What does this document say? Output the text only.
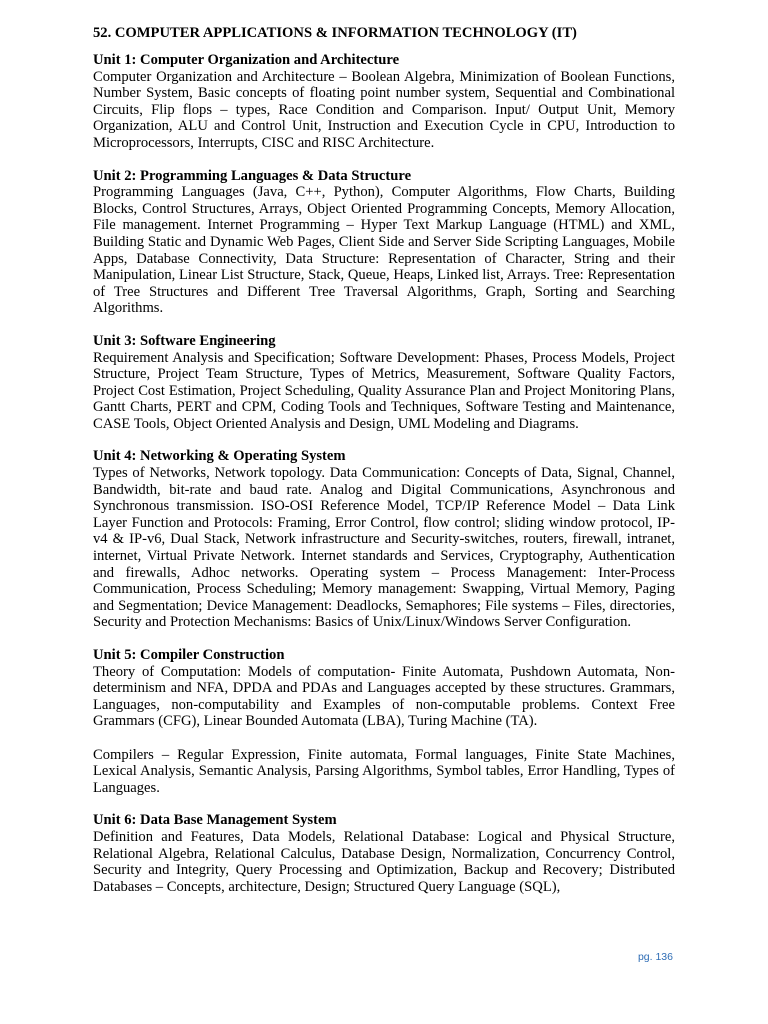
52. COMPUTER APPLICATIONS & INFORMATION TECHNOLOGY (IT)
Unit 1: Computer Organization and Architecture
Computer Organization and Architecture – Boolean Algebra, Minimization of Boolean Functions, Number System, Basic concepts of floating point number system, Sequential and Combinational Circuits, Flip flops – types, Race Condition and Comparison. Input/ Output Unit, Memory Organization, ALU and Control Unit, Instruction and Execution Cycle in CPU, Introduction to Microprocessors, Interrupts, CISC and RISC Architecture.
Unit 2: Programming Languages & Data Structure
Programming Languages (Java, C++, Python), Computer Algorithms, Flow Charts, Building Blocks, Control Structures, Arrays, Object Oriented Programming Concepts, Memory Allocation, File management. Internet Programming – Hyper Text Markup Language (HTML) and XML, Building Static and Dynamic Web Pages, Client Side and Server Side Scripting Languages, Mobile Apps, Database Connectivity, Data Structure: Representation of Character, String and their Manipulation, Linear List Structure, Stack, Queue, Heaps, Linked list, Arrays. Tree: Representation of Tree Structures and Different Tree Traversal Algorithms, Graph, Sorting and Searching Algorithms.
Unit 3: Software Engineering
Requirement Analysis and Specification; Software Development: Phases, Process Models, Project Structure, Project Team Structure, Types of Metrics, Measurement, Software Quality Factors, Project Cost Estimation, Project Scheduling, Quality Assurance Plan and Project Monitoring Plans, Gantt Charts, PERT and CPM, Coding Tools and Techniques, Software Testing and Maintenance, CASE Tools, Object Oriented Analysis and Design, UML Modeling and Diagrams.
Unit 4: Networking & Operating System
Types of Networks, Network topology. Data Communication: Concepts of Data, Signal, Channel, Bandwidth, bit-rate and baud rate. Analog and Digital Communications, Asynchronous and Synchronous transmission. ISO-OSI Reference Model, TCP/IP Reference Model – Data Link Layer Function and Protocols: Framing, Error Control, flow control; sliding window protocol, IP-v4 & IP-v6, Dual Stack, Network infrastructure and Security-switches, routers, firewall, intranet, internet, Virtual Private Network. Internet standards and Services, Cryptography, Authentication and firewalls, Adhoc networks. Operating system – Process Management: Inter-Process Communication, Process Scheduling; Memory management: Swapping, Virtual Memory, Paging and Segmentation; Device Management: Deadlocks, Semaphores; File systems – Files, directories, Security and Protection Mechanisms: Basics of Unix/Linux/Windows Server Configuration.
Unit 5: Compiler Construction
Theory of Computation: Models of computation- Finite Automata, Pushdown Automata, Non-determinism and NFA, DPDA and PDAs and Languages accepted by these structures. Grammars, Languages, non-computability and Examples of non-computable problems. Context Free Grammars (CFG), Linear Bounded Automata (LBA), Turing Machine (TA).
Compilers – Regular Expression, Finite automata, Formal languages, Finite State Machines, Lexical Analysis, Semantic Analysis, Parsing Algorithms, Symbol tables, Error Handling, Types of Languages.
Unit 6: Data Base Management System
Definition and Features, Data Models, Relational Database: Logical and Physical Structure, Relational Algebra, Relational Calculus, Database Design, Normalization, Concurrency Control, Security and Integrity, Query Processing and Optimization, Backup and Recovery; Distributed Databases – Concepts, architecture, Design; Structured Query Language (SQL),
pg. 136
